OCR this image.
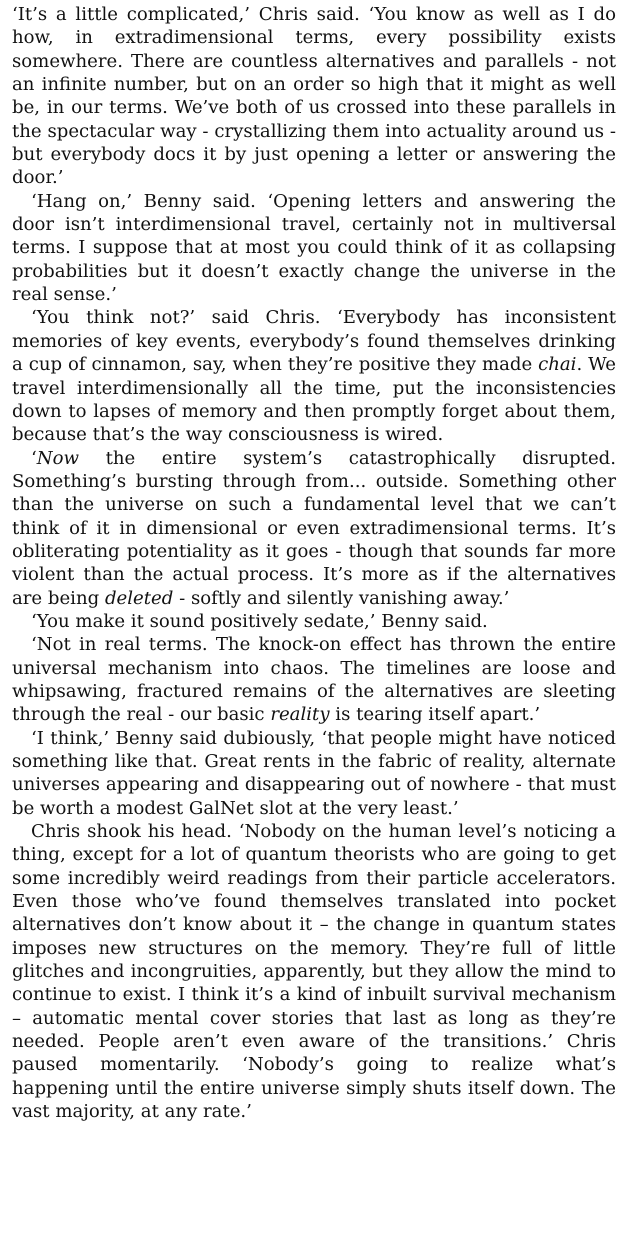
‘It’s a little complicated,’ Chris said. ‘You know as well as I do how, in extradimensional terms, every possibility exists somewhere. There are countless alternatives and parallels - not an infinite number, but on an order so high that it might as well be, in our terms. We’ve both of us crossed into these parallels in the spectacular way - crystallizing them into actuality around us - but everybody docs it by just opening a letter or answering the door.’

‘Hang on,’ Benny said. ‘Opening letters and answering the door isn’t interdimensional travel, certainly not in multiversal terms. I suppose that at most you could think of it as collapsing probabilities but it doesn’t exactly change the universe in the real sense.’

‘You think not?’ said Chris. ‘Everybody has inconsistent memories of key events, everybody’s found themselves drinking a cup of cinnamon, say, when they’re positive they made chai. We travel interdimensionally all the time, put the inconsistencies down to lapses of memory and then promptly forget about them, because that’s the way consciousness is wired.

‘Now the entire system’s catastrophically disrupted. Something’s bursting through from... outside. Something other than the universe on such a fundamental level that we can’t think of it in dimensional or even extradimensional terms. It’s obliterating potentiality as it goes - though that sounds far more violent than the actual process. It’s more as if the alternatives are being deleted - softly and silently vanishing away.’

‘You make it sound positively sedate,’ Benny said.

‘Not in real terms. The knock-on effect has thrown the entire universal mechanism into chaos. The timelines are loose and whipsawing, fractured remains of the alternatives are sleeting through the real - our basic reality is tearing itself apart.’

‘I think,’ Benny said dubiously, ‘that people might have noticed something like that. Great rents in the fabric of reality, alternate universes appearing and disappearing out of nowhere - that must be worth a modest GalNet slot at the very least.’

Chris shook his head. ‘Nobody on the human level’s noticing a thing, except for a lot of quantum theorists who are going to get some incredibly weird readings from their particle accelerators. Even those who’ve found themselves translated into pocket alternatives don’t know about it – the change in quantum states imposes new structures on the memory. They’re full of little glitches and incongruities, apparently, but they allow the mind to continue to exist. I think it’s a kind of inbuilt survival mechanism – automatic mental cover stories that last as long as they’re needed. People aren’t even aware of the transitions.’ Chris paused momentarily. ‘Nobody’s going to realize what’s happening until the entire universe simply shuts itself down. The vast majority, at any rate.’
